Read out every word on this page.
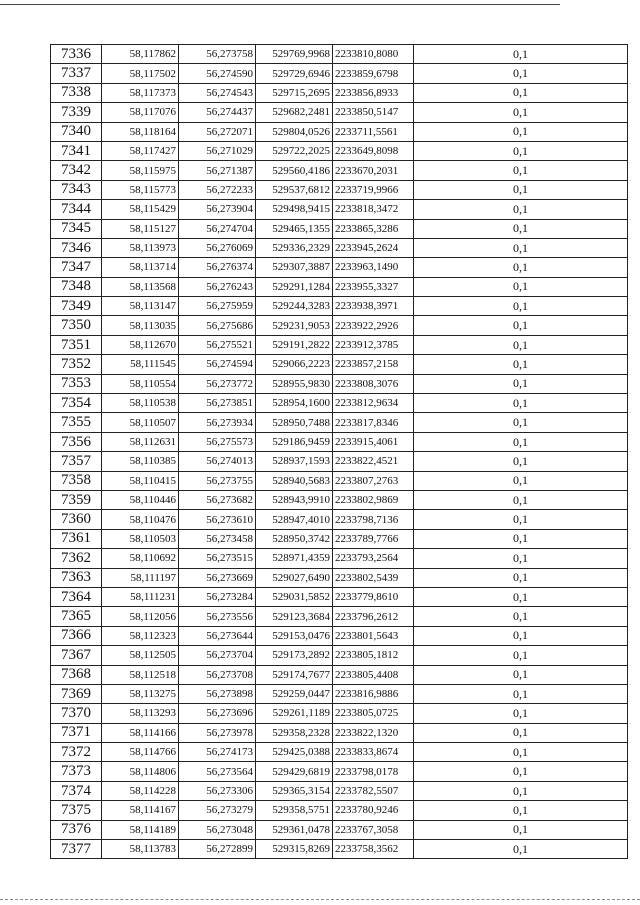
7336	58,117862	56,273758	529769,9968	2233810,8080	0,1
7337	58,117502	56,274590	529729,6946	2233859,6798	0,1
7338	58,117373	56,274543	529715,2695	2233856,8933	0,1
7339	58,117076	56,274437	529682,2481	2233850,5147	0,1
7340	58,118164	56,272071	529804,0526	2233711,5561	0,1
7341	58,117427	56,271029	529722,2025	2233649,8098	0,1
7342	58,115975	56,271387	529560,4186	2233670,2031	0,1
7343	58,115773	56,272233	529537,6812	2233719,9966	0,1
7344	58,115429	56,273904	529498,9415	2233818,3472	0,1
7345	58,115127	56,274704	529465,1355	2233865,3286	0,1
7346	58,113973	56,276069	529336,2329	2233945,2624	0,1
7347	58,113714	56,276374	529307,3887	2233963,1490	0,1
7348	58,113568	56,276243	529291,1284	2233955,3327	0,1
7349	58,113147	56,275959	529244,3283	2233938,3971	0,1
7350	58,113035	56,275686	529231,9053	2233922,2926	0,1
7351	58,112670	56,275521	529191,2822	2233912,3785	0,1
7352	58,111545	56,274594	529066,2223	2233857,2158	0,1
7353	58,110554	56,273772	528955,9830	2233808,3076	0,1
7354	58,110538	56,273851	528954,1600	2233812,9634	0,1
7355	58,110507	56,273934	528950,7488	2233817,8346	0,1
7356	58,112631	56,275573	529186,9459	2233915,4061	0,1
7357	58,110385	56,274013	528937,1593	2233822,4521	0,1
7358	58,110415	56,273755	528940,5683	2233807,2763	0,1
7359	58,110446	56,273682	528943,9910	2233802,9869	0,1
7360	58,110476	56,273610	528947,4010	2233798,7136	0,1
7361	58,110503	56,273458	528950,3742	2233789,7766	0,1
7362	58,110692	56,273515	528971,4359	2233793,2564	0,1
7363	58,111197	56,273669	529027,6490	2233802,5439	0,1
7364	58,111231	56,273284	529031,5852	2233779,8610	0,1
7365	58,112056	56,273556	529123,3684	2233796,2612	0,1
7366	58,112323	56,273644	529153,0476	2233801,5643	0,1
7367	58,112505	56,273704	529173,2892	2233805,1812	0,1
7368	58,112518	56,273708	529174,7677	2233805,4408	0,1
7369	58,113275	56,273898	529259,0447	2233816,9886	0,1
7370	58,113293	56,273696	529261,1189	2233805,0725	0,1
7371	58,114166	56,273978	529358,2328	2233822,1320	0,1
7372	58,114766	56,274173	529425,0388	2233833,8674	0,1
7373	58,114806	56,273564	529429,6819	2233798,0178	0,1
7374	58,114228	56,273306	529365,3154	2233782,5507	0,1
7375	58,114167	56,273279	529358,5751	2233780,9246	0,1
7376	58,114189	56,273048	529361,0478	2233767,3058	0,1
7377	58,113783	56,272899	529315,8269	2233758,3562	0,1
